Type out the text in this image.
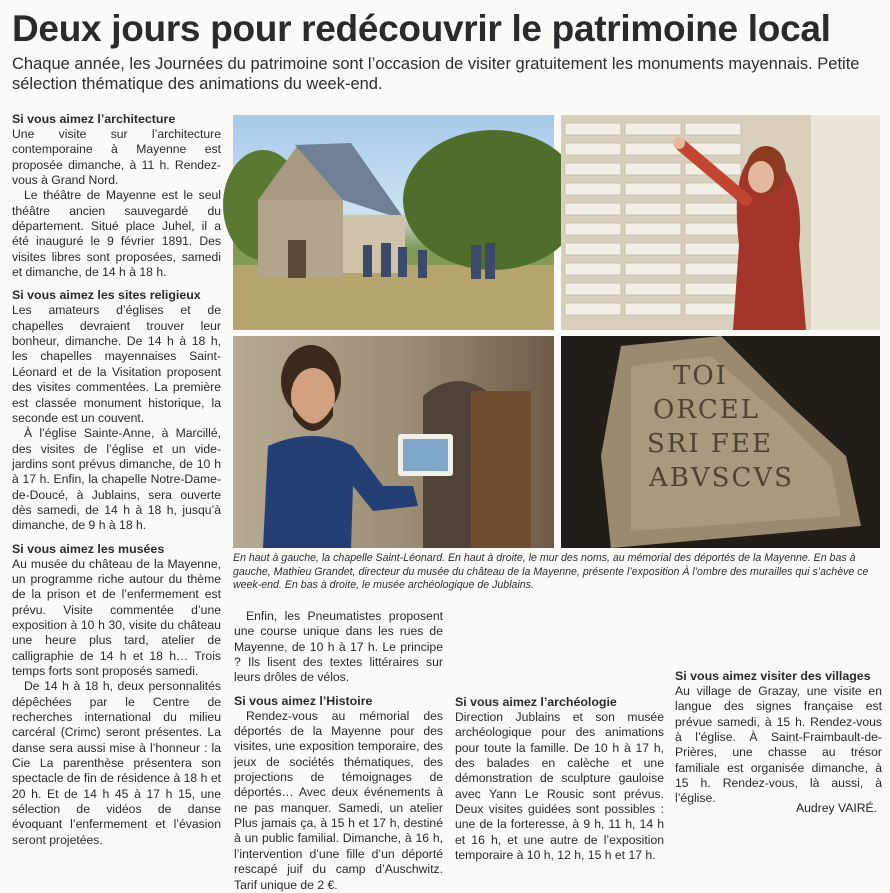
Deux jours pour redécouvrir le patrimoine local

Chaque année, les Journées du patrimoine sont l’occasion de visiter gratuitement les monuments mayennais. Petite sélection thématique des animations du week-end.

Si vous aimez l’architecture

Une visite sur l’architecture contemporaine à Mayenne est proposée dimanche, à 11 h. Rendez-vous à Grand Nord.

Le théâtre de Mayenne est le seul théâtre ancien sauvegardé du département. Situé place Juhel, il a été inauguré le 9 février 1891. Des visites libres sont proposées, samedi et dimanche, de 14 h à 18 h.

Si vous aimez les sites religieux

Les amateurs d’églises et de chapelles devraient trouver leur bonheur, dimanche. De 14 h à 18 h, les chapelles mayennaises Saint-Léonard et de la Visitation proposent des visites commentées. La première est classée monument historique, la seconde est un couvent.

À l’église Sainte-Anne, à Marcillé, des visites de l’église et un vide-jardins sont prévus dimanche, de 10 h à 17 h. Enfin, la chapelle Notre-Dame-de-Doucé, à Jublains, sera ouverte dès samedi, de 14 h à 18 h, jusqu’à dimanche, de 9 h à 18 h.

Si vous aimez les musées

Au musée du château de la Mayenne, un programme riche autour du thème de la prison et de l’enfermement est prévu. Visite commentée d’une exposition à 10 h 30, visite du château une heure plus tard, atelier de calligraphie de 14 h et 18 h… Trois temps forts sont proposés samedi.

De 14 h à 18 h, deux personnalités dépêchées par le Centre de recherches international du milieu carcéral (Crimc) seront présentes. La danse sera aussi mise à l’honneur : la Cie La parenthèse présentera son spectacle de fin de résidence à 18 h et 20 h. Et de 14 h 45 à 17 h 15, une sélection de vidéos de danse évoquant l’enfermement et l’évasion seront projetées.

TOI
ORCEL
SRI FEE
ABVSCVS

En haut à gauche, la chapelle Saint-Léonard. En haut à droite, le mur des noms, au mémorial des déportés de la Mayenne. En bas à gauche, Mathieu Grandet, directeur du musée du château de la Mayenne, présente l’exposition À l’ombre des murailles qui s’achève ce week-end. En bas à droite, le musée archéologique de Jublains.

Enfin, les Pneumatistes proposent une course unique dans les rues de Mayenne, de 10 h à 17 h. Le principe ? Ils lisent des textes littéraires sur leurs drôles de vélos.

Si vous aimez l’Histoire

Rendez-vous au mémorial des déportés de la Mayenne pour des visites, une exposition temporaire, des jeux de sociétés thématiques, des projections de témoignages de déportés… Avec deux événements à ne pas manquer. Samedi, un atelier Plus jamais ça, à 15 h et 17 h, destiné à un public familial. Dimanche, à 16 h, l’intervention d’une fille d’un déporté rescapé juif du camp d’Auschwitz. Tarif unique de 2 €.

Si vous aimez l’archéologie

Direction Jublains et son musée archéologique pour des animations pour toute la famille. De 10 h à 17 h, des balades en calèche et une démonstration de sculpture gauloise avec Yann Le Rousic sont prévus. Deux visites guidées sont possibles : une de la forteresse, à 9 h, 11 h, 14 h et 16 h, et une autre de l’exposition temporaire à 10 h, 12 h, 15 h et 17 h.

Si vous aimez visiter des villages

Au village de Grazay, une visite en langue des signes française est prévue samedi, à 15 h. Rendez-vous à l’église. À Saint-Fraimbault-de-Prières, une chasse au trésor familiale est organisée dimanche, à 15 h. Rendez-vous, là aussi, à l’église.

Audrey VAIRÉ.
